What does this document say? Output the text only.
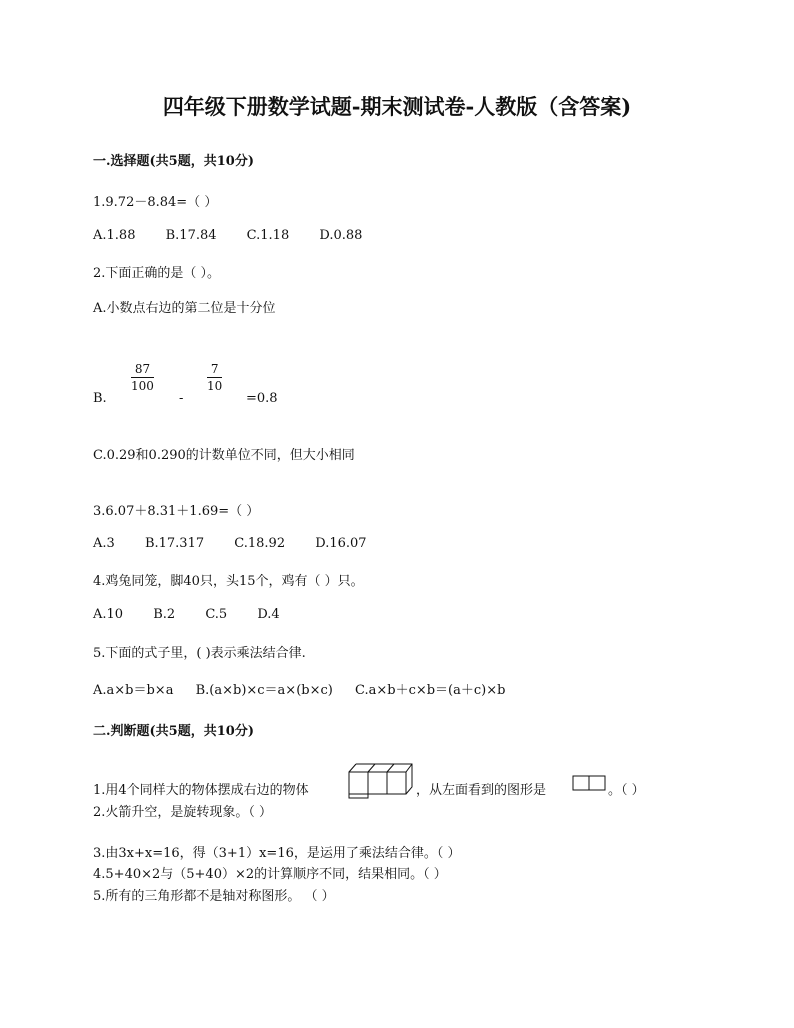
四年级下册数学试题-期末测试卷-人教版（含答案)
一.选择题(共5题，共10分)
1.9.72－8.84=（ ）
A.1.88 B.17.84 C.1.18 D.0.88
2.下面正确的是（ ）。
A.小数点右边的第二位是十分位
B.
87
100
-
7
10
=0.8
C.0.29和0.290的计数单位不同，但大小相同
3.6.07＋8.31＋1.69=（ ）
A.3 B.17.317 C.18.92 D.16.07
4.鸡兔同笼，脚40只，头15个，鸡有（ ）只。
A.10 B.2 C.5 D.4
5.下面的式子里，( )表示乘法结合律.
A.a×b＝b×a B.(a×b)×c＝a×(b×c) C.a×b＋c×b＝(a＋c)×b
二.判断题(共5题，共10分)
1.用4个同样大的物体摆成右边的物体	，从左面看到的图形是	。（ ）
2.火箭升空，是旋转现象。（ ）
3.由3x+x=16，得（3+1）x=16，是运用了乘法结合律。（ ）
4.5+40×2与（5+40）×2的计算顺序不同，结果相同。（ ）
5.所有的三角形都不是轴对称图形。 （ ）
